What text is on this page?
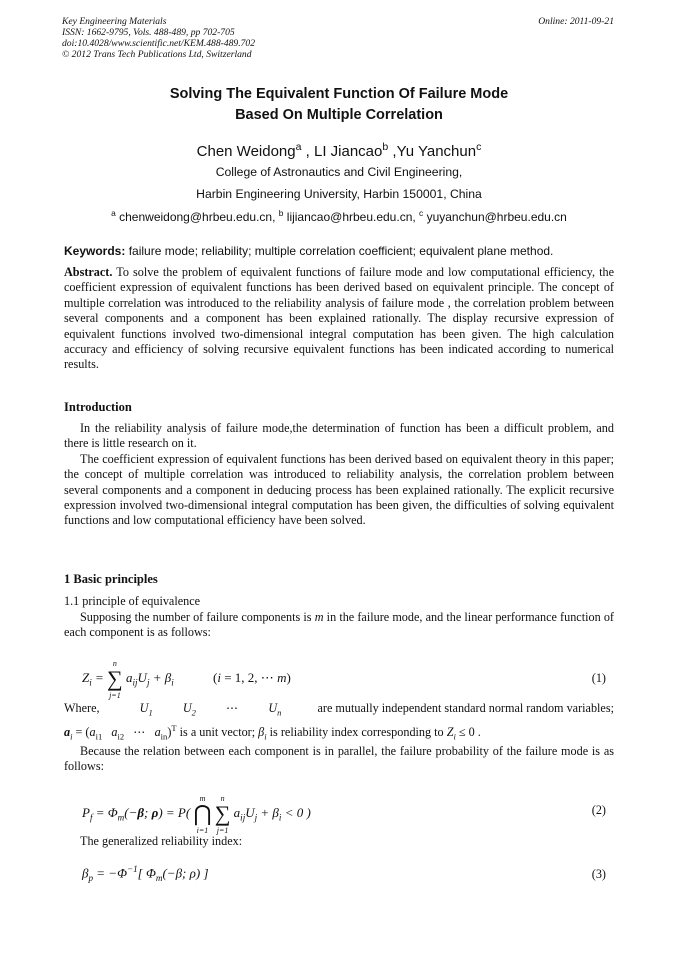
Key Engineering Materials
ISSN: 1662-9795, Vols. 488-489, pp 702-705
doi:10.4028/www.scientific.net/KEM.488-489.702
© 2012 Trans Tech Publications Ltd, Switzerland
Online: 2011-09-21
Solving The Equivalent Function Of Failure Mode
Based On Multiple Correlation
Chen Weidong$^a$ , LI Jiancao$^b$ ,Yu Yanchun$^c$
College of Astronautics and Civil Engineering,
Harbin Engineering University, Harbin 150001, China
$^a$ chenweidong@hrbeu.edu.cn, $^b$ lijiancao@hrbeu.edu.cn, $^c$ yuyanchun@hrbeu.edu.cn
Keywords: failure mode; reliability; multiple correlation coefficient; equivalent plane method.
Abstract. To solve the problem of equivalent functions of failure mode and low computational efficiency, the coefficient expression of equivalent functions has been derived based on equivalent principle. The concept of multiple correlation was introduced to the reliability analysis of failure mode , the correlation problem between several components and a component has been explained rationally. The display recursive expression of equivalent functions involved two-dimensional integral computation has been given. The high calculation accuracy and efficiency of solving recursive equivalent functions has been indicated according to numerical results.
Introduction

In the reliability analysis of failure mode,the determination of function has been a difficult problem, and there is little research on it.

The coefficient expression of equivalent functions has been derived based on equivalent theory in this paper; the concept of multiple correlation was introduced to reliability analysis, the correlation problem between several components and a component in deducing process has been explained rationally. The explicit recursive expression involved two-dimensional integral computation has been given, the difficulties of solving equivalent functions and low computational efficiency have been solved.

1 Basic principles
1.1 principle of equivalence

Supposing the number of failure components is m in the failure mode, and the linear performance function of each component is as follows:

$Z_i = n$
∑
j=1 $a_{ij}U_j + \beta_i$	(i = 1, 2, ⋯ m)	(1)
Where,	$U_1$ $U_2$ ⋯ $U_n$	are mutually independent standard normal random variables;
$a_i = (a_{i1}$ $a_{i2}$   ⋯   $a_{in})^T$ is a unit vector; $\beta_i$ is reliability index corresponding to $Z_i \le 0$ .

Because the relation between each component is in parallel, the failure probability of the failure mode is as follows:

$P_f = \Phi_m(-\beta$; ρ) = P( m
⋂
i=1 n
∑
j=1 $a_{ij}U_j + \beta_i < 0$ )	(2)

The generalized reliability index:

$\beta_p = -\Phi^{-1}$[ $\Phi_m(-\beta$; ρ) ]	(3)
